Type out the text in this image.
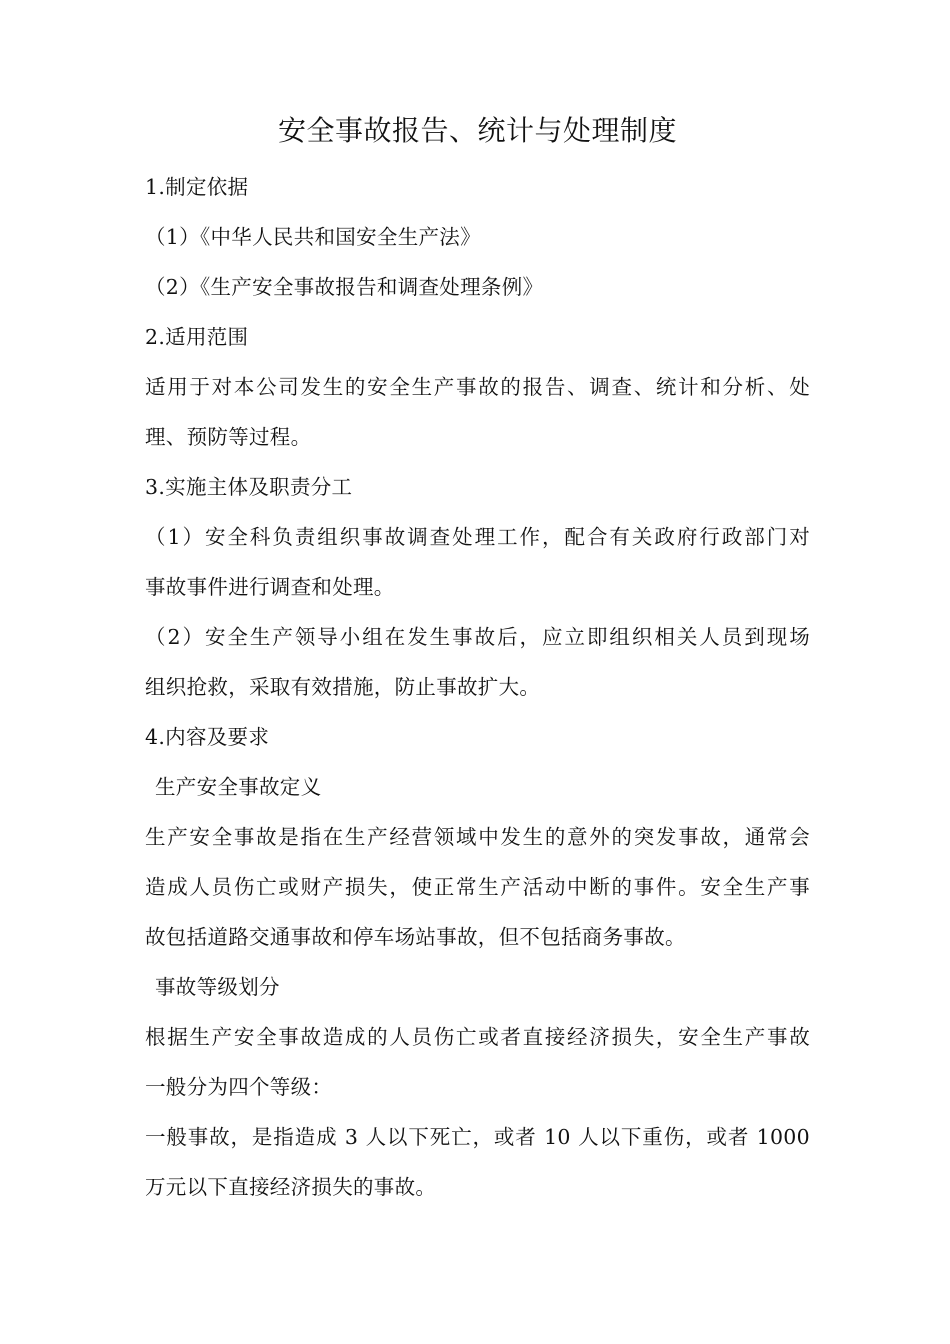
安全事故报告、统计与处理制度

1.制定依据

（1）《中华人民共和国安全生产法》

（2）《生产安全事故报告和调查处理条例》

2.适用范围

适用于对本公司发生的安全生产事故的报告、调查、统计和分析、处

理、预防等过程。

3.实施主体及职责分工

（1）安全科负责组织事故调查处理工作，配合有关政府行政部门对

事故事件进行调查和处理。

（2）安全生产领导小组在发生事故后，应立即组织相关人员到现场

组织抢救，采取有效措施，防止事故扩大。

4.内容及要求

生产安全事故定义

生产安全事故是指在生产经营领域中发生的意外的突发事故，通常会

造成人员伤亡或财产损失，使正常生产活动中断的事件。安全生产事

故包括道路交通事故和停车场站事故，但不包括商务事故。

事故等级划分

根据生产安全事故造成的人员伤亡或者直接经济损失，安全生产事故

一般分为四个等级：

一般事故，是指造成 3 人以下死亡，或者 10 人以下重伤，或者 1000

万元以下直接经济损失的事故。
